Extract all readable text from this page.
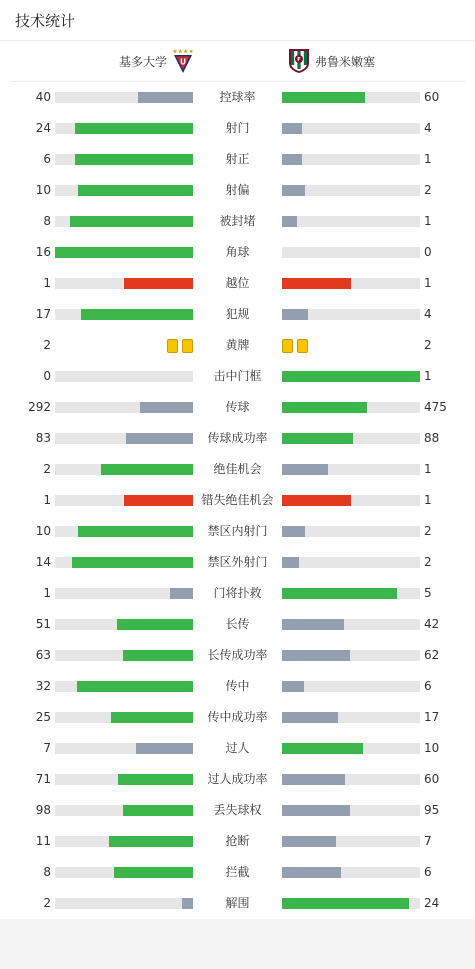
技术统计
基多大学 U	F 弗鲁米嫩塞
40	控球率	60
24	射门	4
6	射正	1
10	射偏	2
8	被封堵	1
16	角球	0
1	越位	1
17	犯规	4
2	黄牌	2
0	击中门框	1
292	传球	475
83	传球成功率	88
2	绝佳机会	1
1	错失绝佳机会	1
10	禁区内射门	2
14	禁区外射门	2
1	门将扑救	5
51	长传	42
63	长传成功率	62
32	传中	6
25	传中成功率	17
7	过人	10
71	过人成功率	60
98	丢失球权	95
11	抢断	7
8	拦截	6
2	解围	24
